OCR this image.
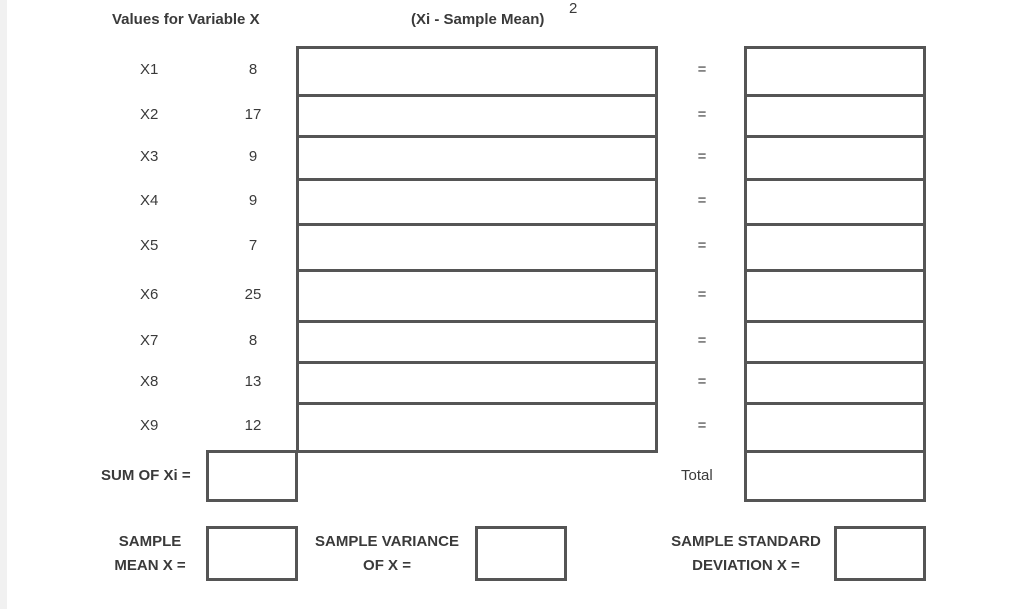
Values for Variable X	(Xi - Sample Mean)
2
X1	8	=
X2	17	=
X3	9	=
X4	9	=
X5	7	=
X6	25	=
X7	8	=
X8	13	=
X9	12	=
SUM OF Xi =	Total
SAMPLE
MEAN X =
SAMPLE VARIANCE
OF X =
SAMPLE STANDARD
DEVIATION X =
